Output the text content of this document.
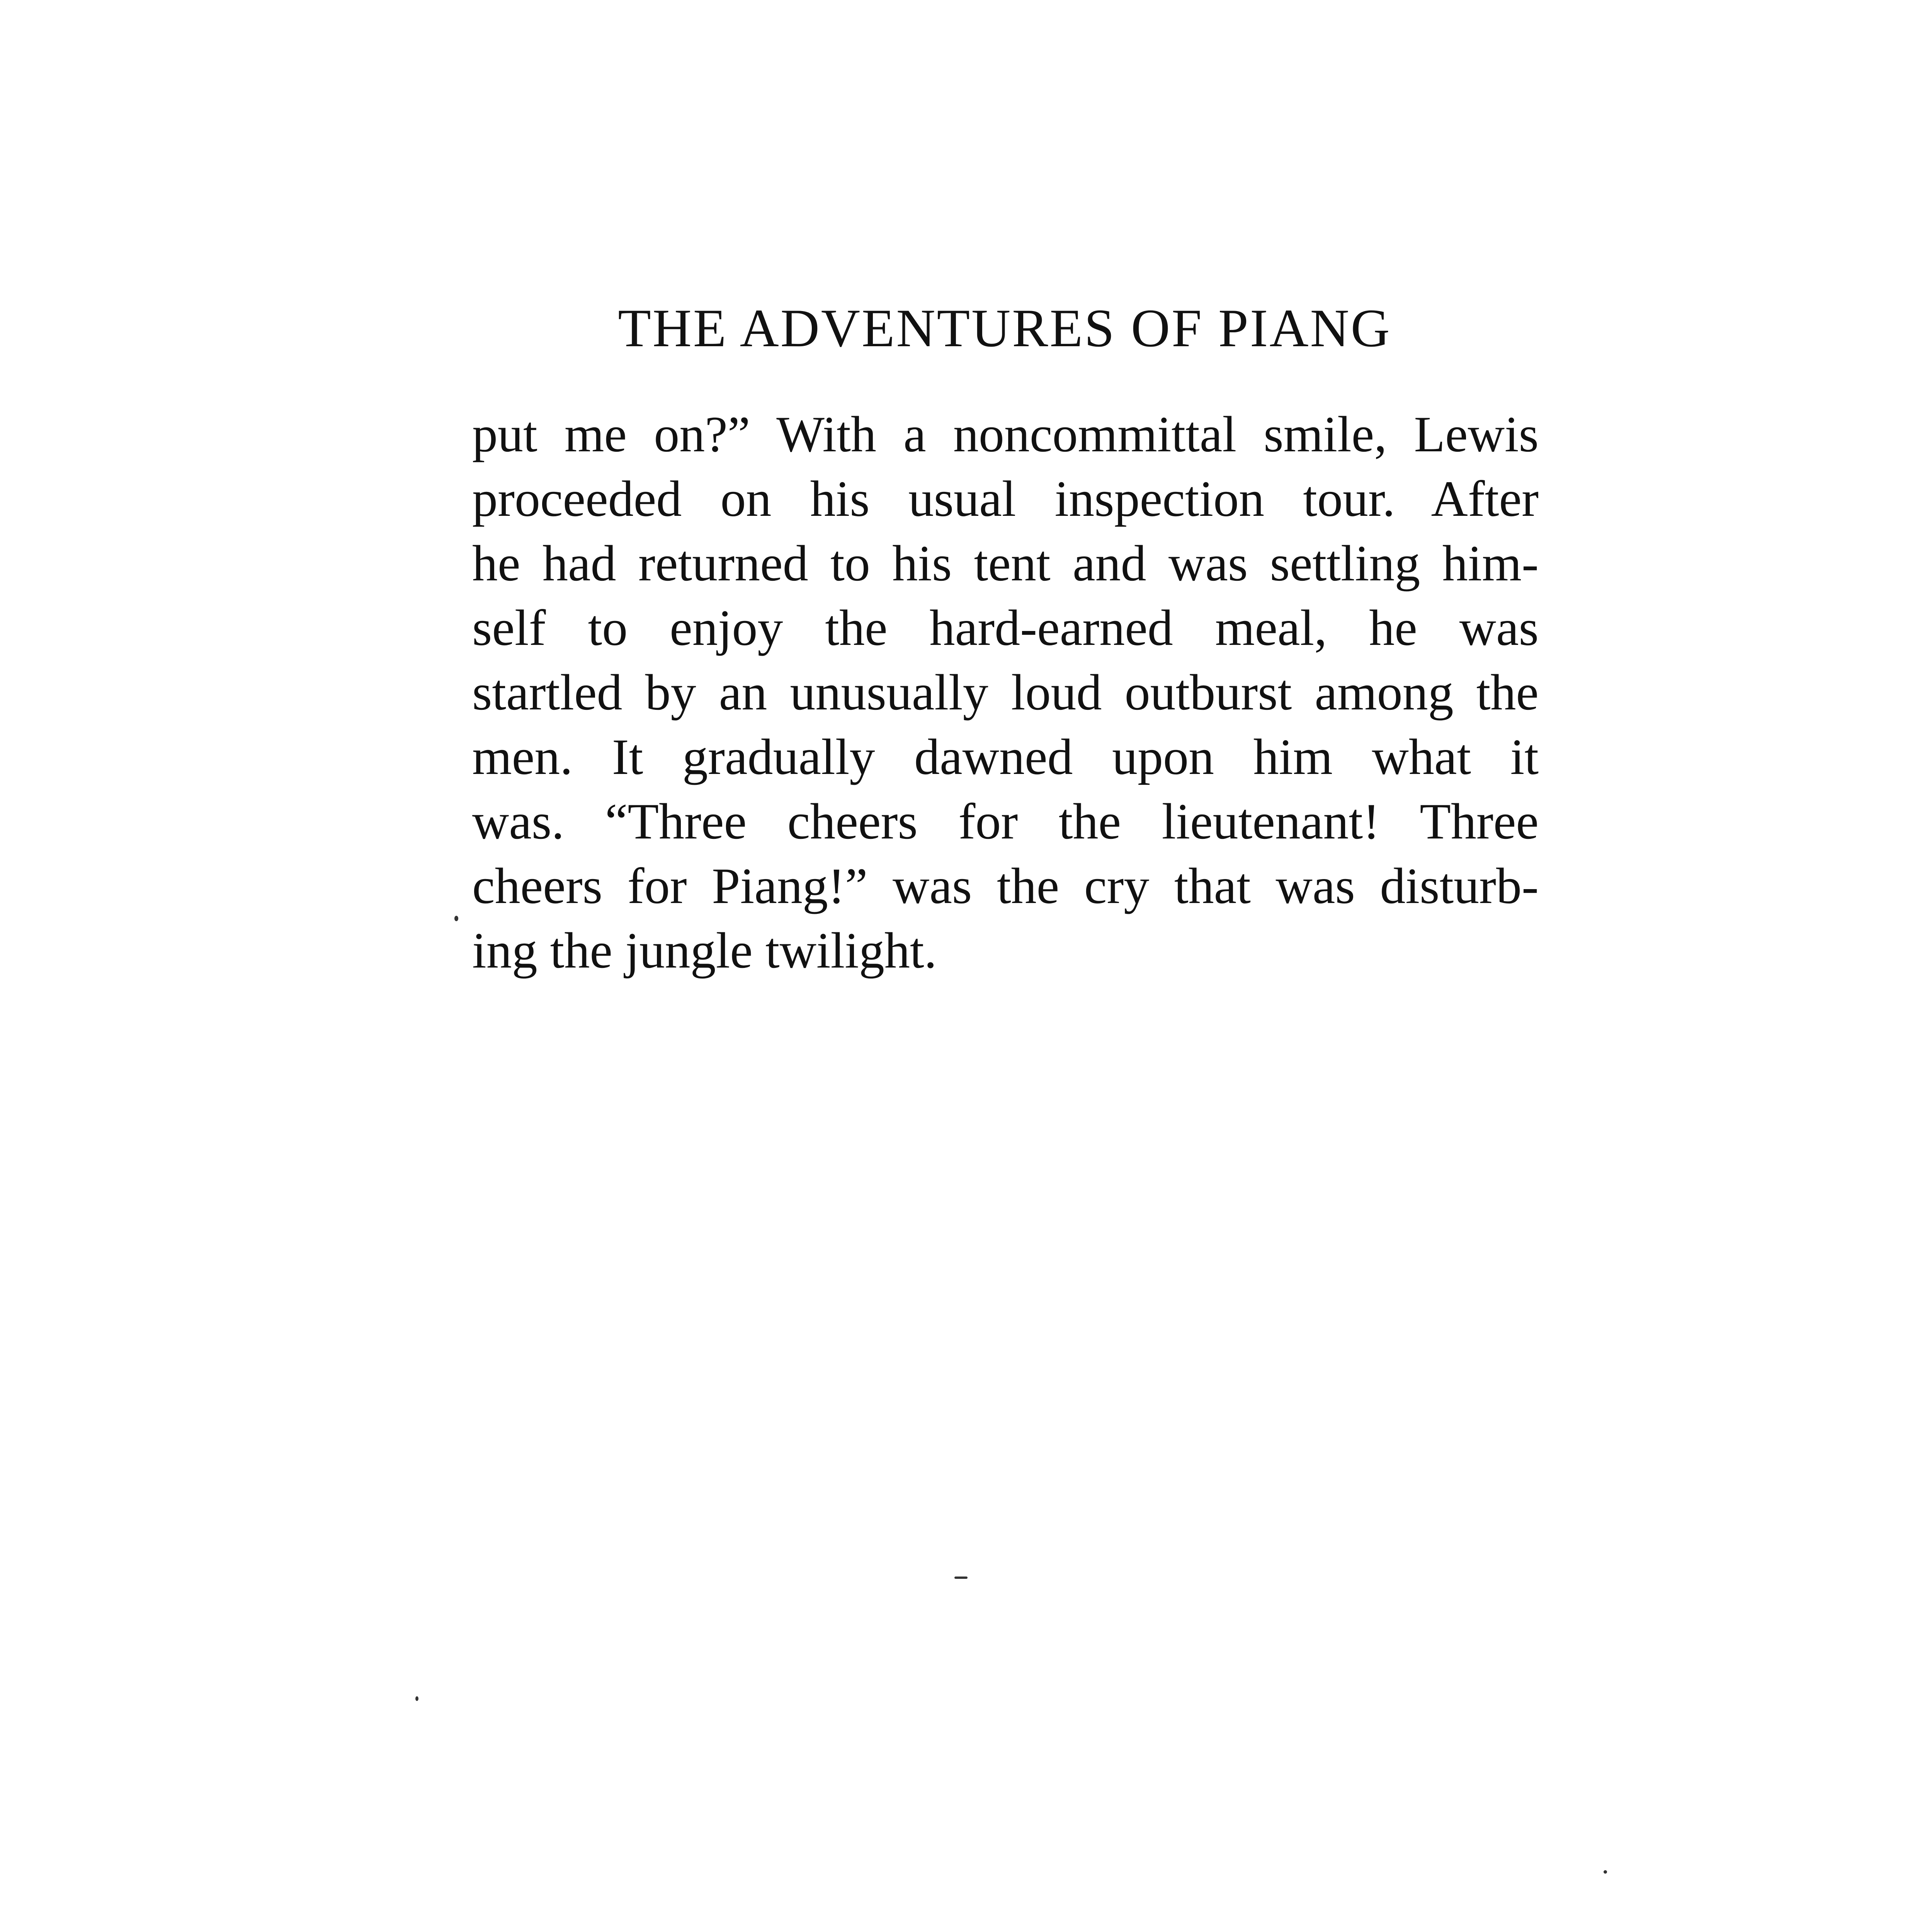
THE ADVENTURES OF PIANG
put me on?” With a noncommittal smile, Lewis
proceeded on his usual inspection tour. After
he had returned to his tent and was settling him-
self to enjoy the hard-earned meal, he was
startled by an unusually loud outburst among the
men. It gradually dawned upon him what it
was. “Three cheers for the lieutenant! Three
cheers for Piang!” was the cry that was disturb-
ing the jungle twilight.
